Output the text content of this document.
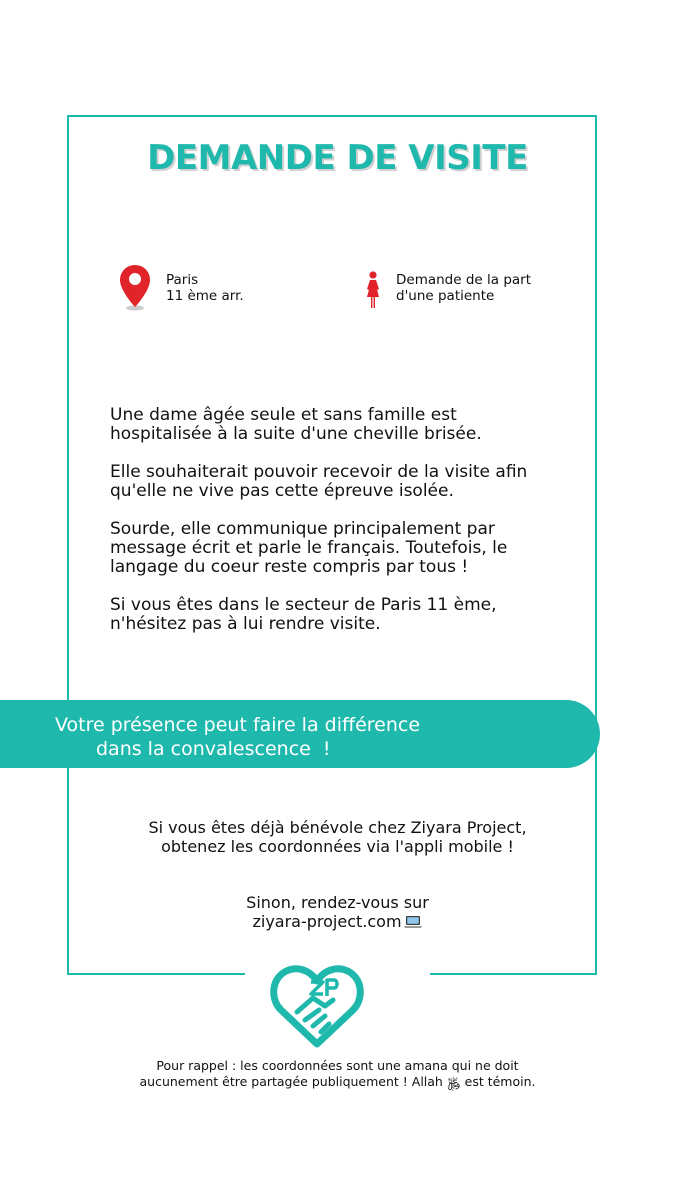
DEMANDE DE VISITE
Paris
11 ème arr.
Demande de la part
d'une patiente

Une dame âgée seule et sans famille est
hospitalisée à la suite d'une cheville brisée.

Elle souhaiterait pouvoir recevoir de la visite afin
qu'elle ne vive pas cette épreuve isolée.

Sourde, elle communique principalement par
message écrit et parle le français. Toutefois, le
langage du coeur reste compris par tous !

Si vous êtes dans le secteur de Paris 11 ème,
n'hésitez pas à lui rendre visite.

Votre présence peut faire la différence
dans la convalescence  !
Si vous êtes déjà bénévole chez Ziyara Project,
obtenez les coordonnées via l'appli mobile !
Sinon, rendez-vous sur
ziyara-project.com
Pour rappel : les coordonnées sont une amana qui ne doit
aucunement être partagée publiquement ! Allah ﷿ est témoin.
